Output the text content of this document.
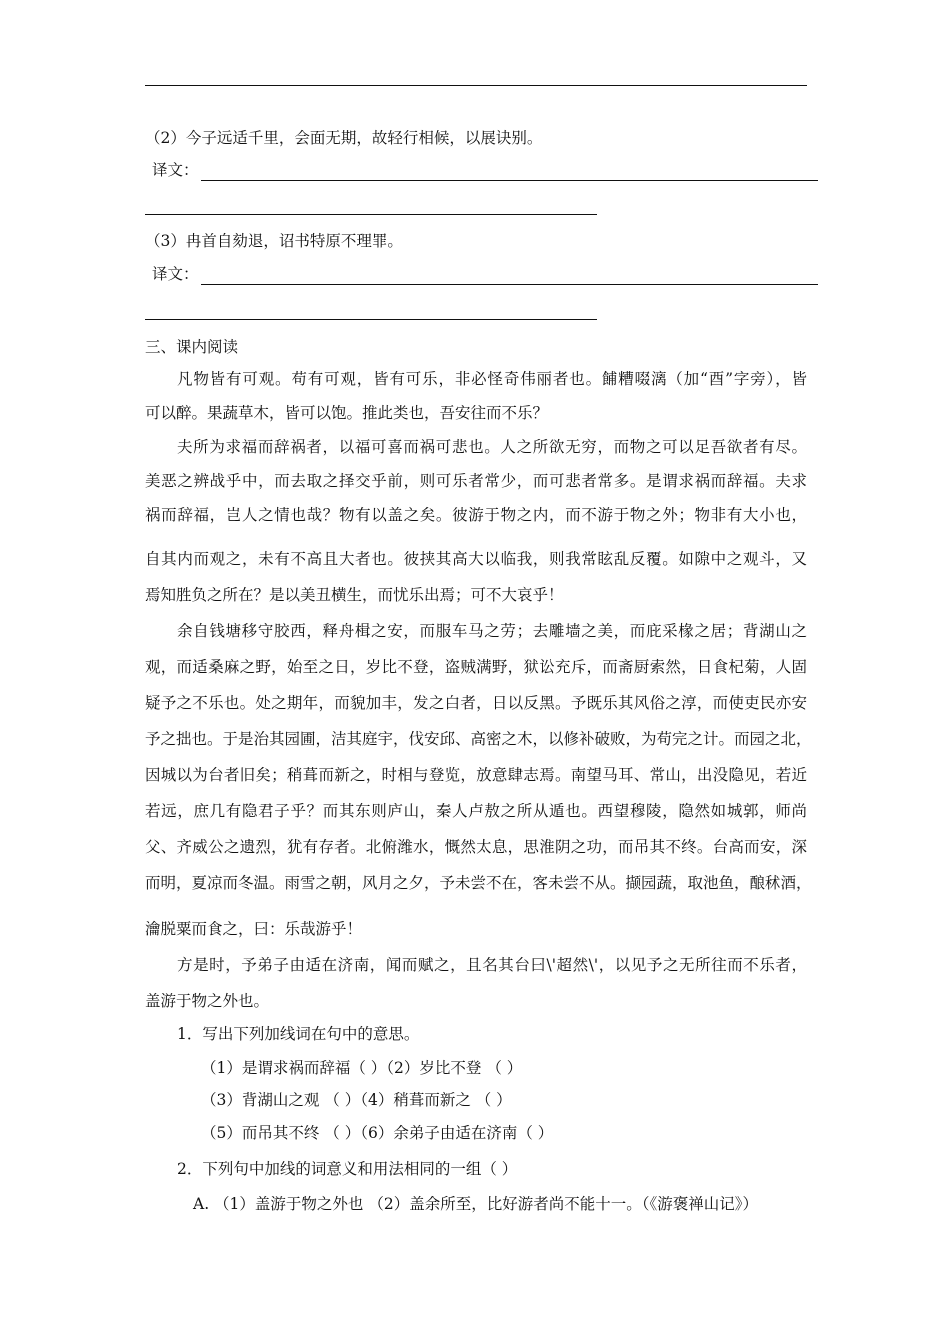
（2）今子远适千里，会面无期，故轻行相候，以展诀别。
译文：
（3）冉首自劾退，诏书特原不理罪。
译文：
三、课内阅读
凡物皆有可观。苟有可观，皆有可乐，非必怪奇伟丽者也。餔糟啜漓（加“酉”字旁），皆
可以醉。果蔬草木，皆可以饱。推此类也，吾安往而不乐？
夫所为求福而辞祸者，以福可喜而祸可悲也。人之所欲无穷，而物之可以足吾欲者有尽。
美恶之辨战乎中，而去取之择交乎前，则可乐者常少，而可悲者常多。是谓求祸而辞福。夫求
祸而辞福，岂人之情也哉？物有以盖之矣。彼游于物之内，而不游于物之外；物非有大小也，
自其内而观之，未有不高且大者也。彼挟其高大以临我，则我常眩乱反覆。如隙中之观斗，又
焉知胜负之所在？是以美丑横生，而忧乐出焉；可不大哀乎！
余自钱塘移守胶西，释舟楫之安，而服车马之劳；去雕墙之美，而庇采椽之居；背湖山之
观，而适桑麻之野，始至之日，岁比不登，盗贼满野，狱讼充斥，而斋厨索然，日食杞菊，人固
疑予之不乐也。处之期年，而貌加丰，发之白者，日以反黑。予既乐其风俗之淳，而使吏民亦安
予之拙也。于是治其园圃，洁其庭宇，伐安邱、高密之木，以修补破败，为苟完之计。而园之北，
因城以为台者旧矣；稍葺而新之，时相与登览，放意肆志焉。南望马耳、常山，出没隐见，若近
若远，庶几有隐君子乎？而其东则庐山，秦人卢敖之所从遁也。西望穆陵，隐然如城郭，师尚
父、齐威公之遗烈，犹有存者。北俯潍水，慨然太息，思淮阴之功，而吊其不终。台高而安，深
而明，夏凉而冬温。雨雪之朝，风月之夕，予未尝不在，客未尝不从。撷园蔬，取池鱼，酿秫酒，
瀹脱粟而食之，曰：乐哉游乎！
方是时，予弟子由适在济南，闻而赋之，且名其台曰\'超然\'，以见予之无所往而不乐者，
盖游于物之外也。
1．写出下列加线词在句中的意思。
（1）是谓求祸而辞福（ ）（2）岁比不登 （ ）
（3）背湖山之观 （ ）（4）稍葺而新之 （ ）
（5）而吊其不终 （ ）（6）余弟子由适在济南（ ）
2．下列句中加线的词意义和用法相同的一组（ ）
A. （1）盖游于物之外也 （2）盖余所至，比好游者尚不能十一。（《游褒禅山记》）
